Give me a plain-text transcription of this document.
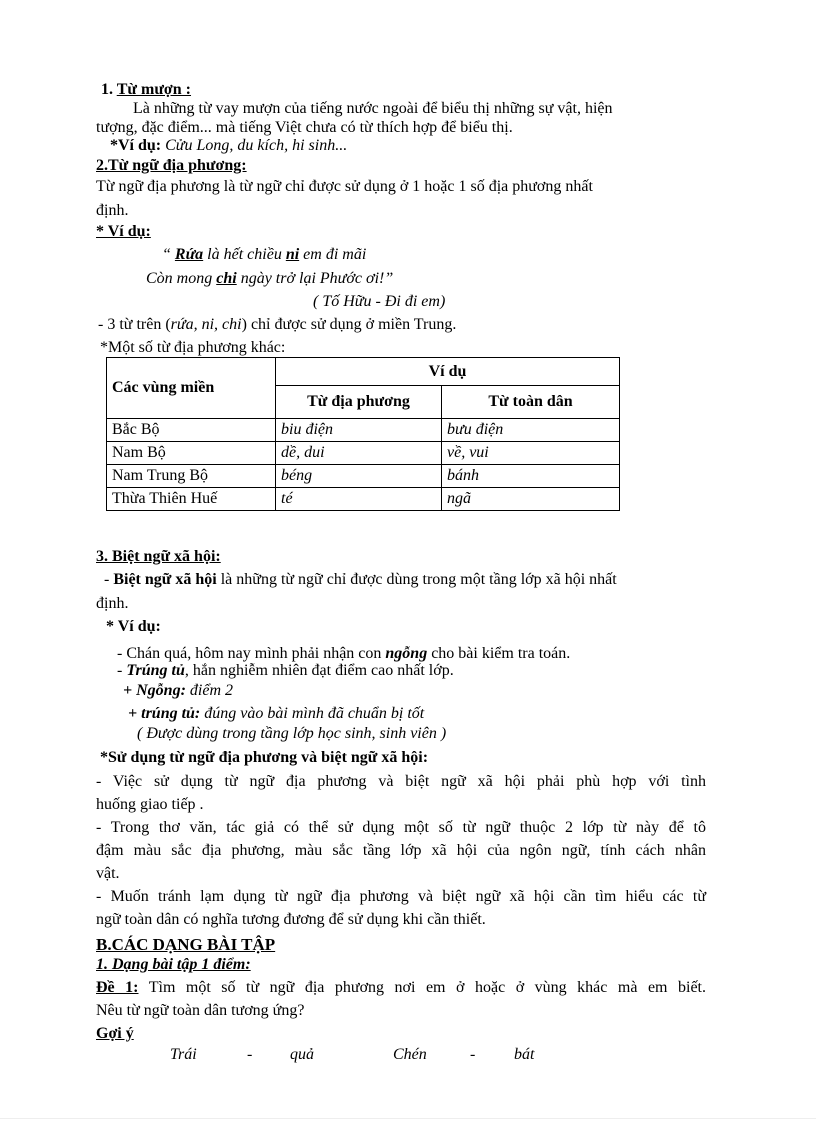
1. Từ mượn :
Là những từ vay mượn của tiếng nước ngoài để biểu thị những sự vật, hiện
tượng, đặc điểm... mà tiếng Việt chưa có từ thích hợp để biểu thị.
*Ví dụ: Cửu Long, du kích, hi sinh...
2.Từ ngữ địa phương:
Từ ngữ địa phương là từ ngữ chỉ được sử dụng ở 1 hoặc 1 số địa phương nhất
định.
* Ví dụ:
“ Rứa là hết chiều ni em đi mãi
Còn mong chi ngày trở lại Phước ơi!”
( Tố Hữu - Đi đi em)
- 3 từ trên (rứa, ni, chi) chỉ được sử dụng ở miền Trung.
*Một số từ địa phương khác:
Các vùng miền	Ví dụ	
	Từ địa phương	Từ toàn dân
Bắc Bộ	biu điện	bưu điện
Nam Bộ	dề, dui	về, vui
Nam Trung Bộ	béng	bánh
Thừa Thiên Huế	té	ngã
3. Biệt ngữ xã hội:
- Biệt ngữ xã hội là những từ ngữ chỉ được dùng trong một tầng lớp xã hội nhất
định.
* Ví dụ:
- Chán quá, hôm nay mình phải nhận con ngỗng cho bài kiểm tra toán.
- Trúng tủ, hắn nghiễm nhiên đạt điểm cao nhất lớp.
+ Ngỗng: điểm 2
+ trúng tủ: đúng vào bài mình đã chuẩn bị tốt
( Được dùng trong tầng lớp học sinh, sinh viên )
*Sử dụng từ ngữ địa phương và biệt ngữ xã hội:
- Việc sử dụng từ ngữ địa phương và biệt ngữ xã hội phải phù hợp với tình
huống giao tiếp .
- Trong thơ văn, tác giả có thể sử dụng một số từ ngữ thuộc 2 lớp từ này để tô
đậm màu sắc địa phương, màu sắc tầng lớp xã hội của ngôn ngữ, tính cách nhân
vật.
- Muốn tránh lạm dụng từ ngữ địa phương và biệt ngữ xã hội cần tìm hiểu các từ
ngữ toàn dân có nghĩa tương đương để sử dụng khi cần thiết.
B.CÁC DẠNG BÀI TẬP
1. Dạng bài tập 1 điểm:
Đề 1: Tìm một số từ ngữ địa phương nơi em ở hoặc ở vùng khác mà em biết.
Nêu từ ngữ toàn dân tương ứng?
Gợi ý
Trái	- quả	Chén	- bát
